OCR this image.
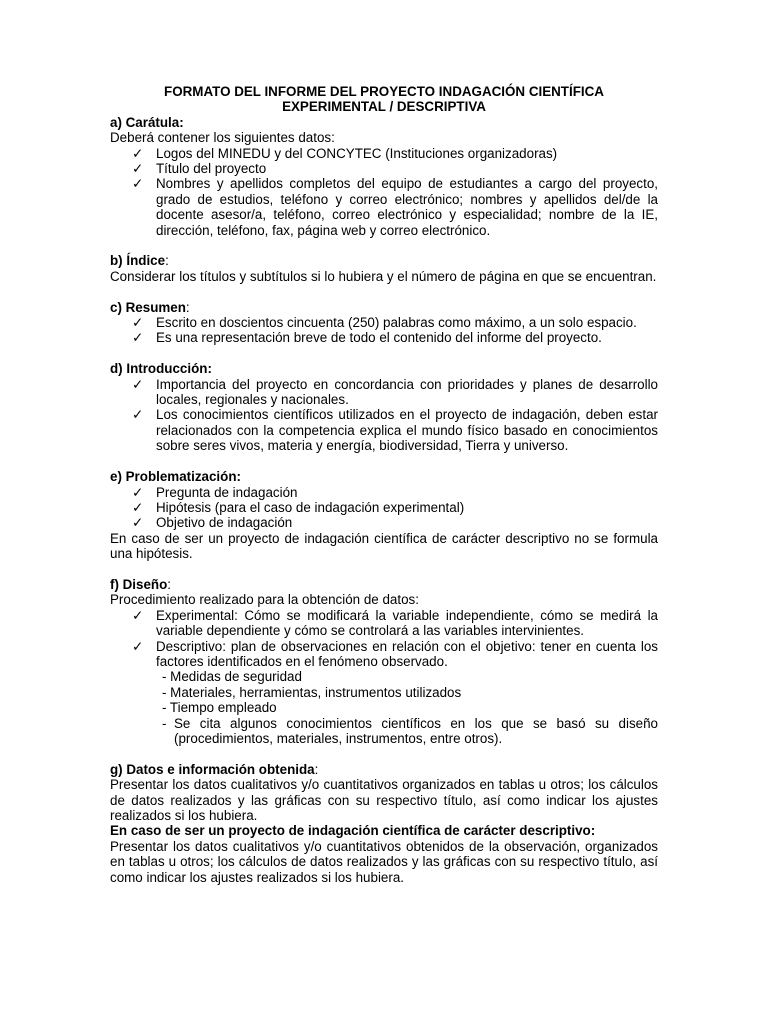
FORMATO DEL INFORME DEL PROYECTO INDAGACIÓN CIENTÍFICA
EXPERIMENTAL / DESCRIPTIVA
a) Carátula:
Deberá contener los siguientes datos:
✓ Logos del MINEDU y del CONCYTEC (Instituciones organizadoras)
✓ Título del proyecto
✓ Nombres y apellidos completos del equipo de estudiantes a cargo del proyecto, grado de estudios, teléfono y correo electrónico; nombres y apellidos del/de la docente asesor/a, teléfono, correo electrónico y especialidad; nombre de la IE, dirección, teléfono, fax, página web y correo electrónico.
b) Índice:
Considerar los títulos y subtítulos si lo hubiera y el número de página en que se encuentran.
c) Resumen:
✓ Escrito en doscientos cincuenta (250) palabras como máximo, a un solo espacio.
✓ Es una representación breve de todo el contenido del informe del proyecto.
d) Introducción:
✓ Importancia del proyecto en concordancia con prioridades y planes de desarrollo locales, regionales y nacionales.
✓ Los conocimientos científicos utilizados en el proyecto de indagación, deben estar relacionados con la competencia explica el mundo físico basado en conocimientos sobre seres vivos, materia y energía, biodiversidad, Tierra y universo.
e) Problematización:
✓ Pregunta de indagación
✓ Hipótesis (para el caso de indagación experimental)
✓ Objetivo de indagación
En caso de ser un proyecto de indagación científica de carácter descriptivo no se formula una hipótesis.
f) Diseño:
Procedimiento realizado para la obtención de datos:
✓ Experimental: Cómo se modificará la variable independiente, cómo se medirá la variable dependiente y cómo se controlará a las variables intervinientes.
✓ Descriptivo: plan de observaciones en relación con el objetivo: tener en cuenta los factores identificados en el fenómeno observado.
- Medidas de seguridad
- Materiales, herramientas, instrumentos utilizados
- Tiempo empleado
- Se cita algunos conocimientos científicos en los que se basó su diseño (procedimientos, materiales, instrumentos, entre otros).
g) Datos e información obtenida:
Presentar los datos cualitativos y/o cuantitativos organizados en tablas u otros; los cálculos de datos realizados y las gráficas con su respectivo título, así como indicar los ajustes realizados si los hubiera.
En caso de ser un proyecto de indagación científica de carácter descriptivo:
Presentar los datos cualitativos y/o cuantitativos obtenidos de la observación, organizados en tablas u otros; los cálculos de datos realizados y las gráficas con su respectivo título, así como indicar los ajustes realizados si los hubiera.
